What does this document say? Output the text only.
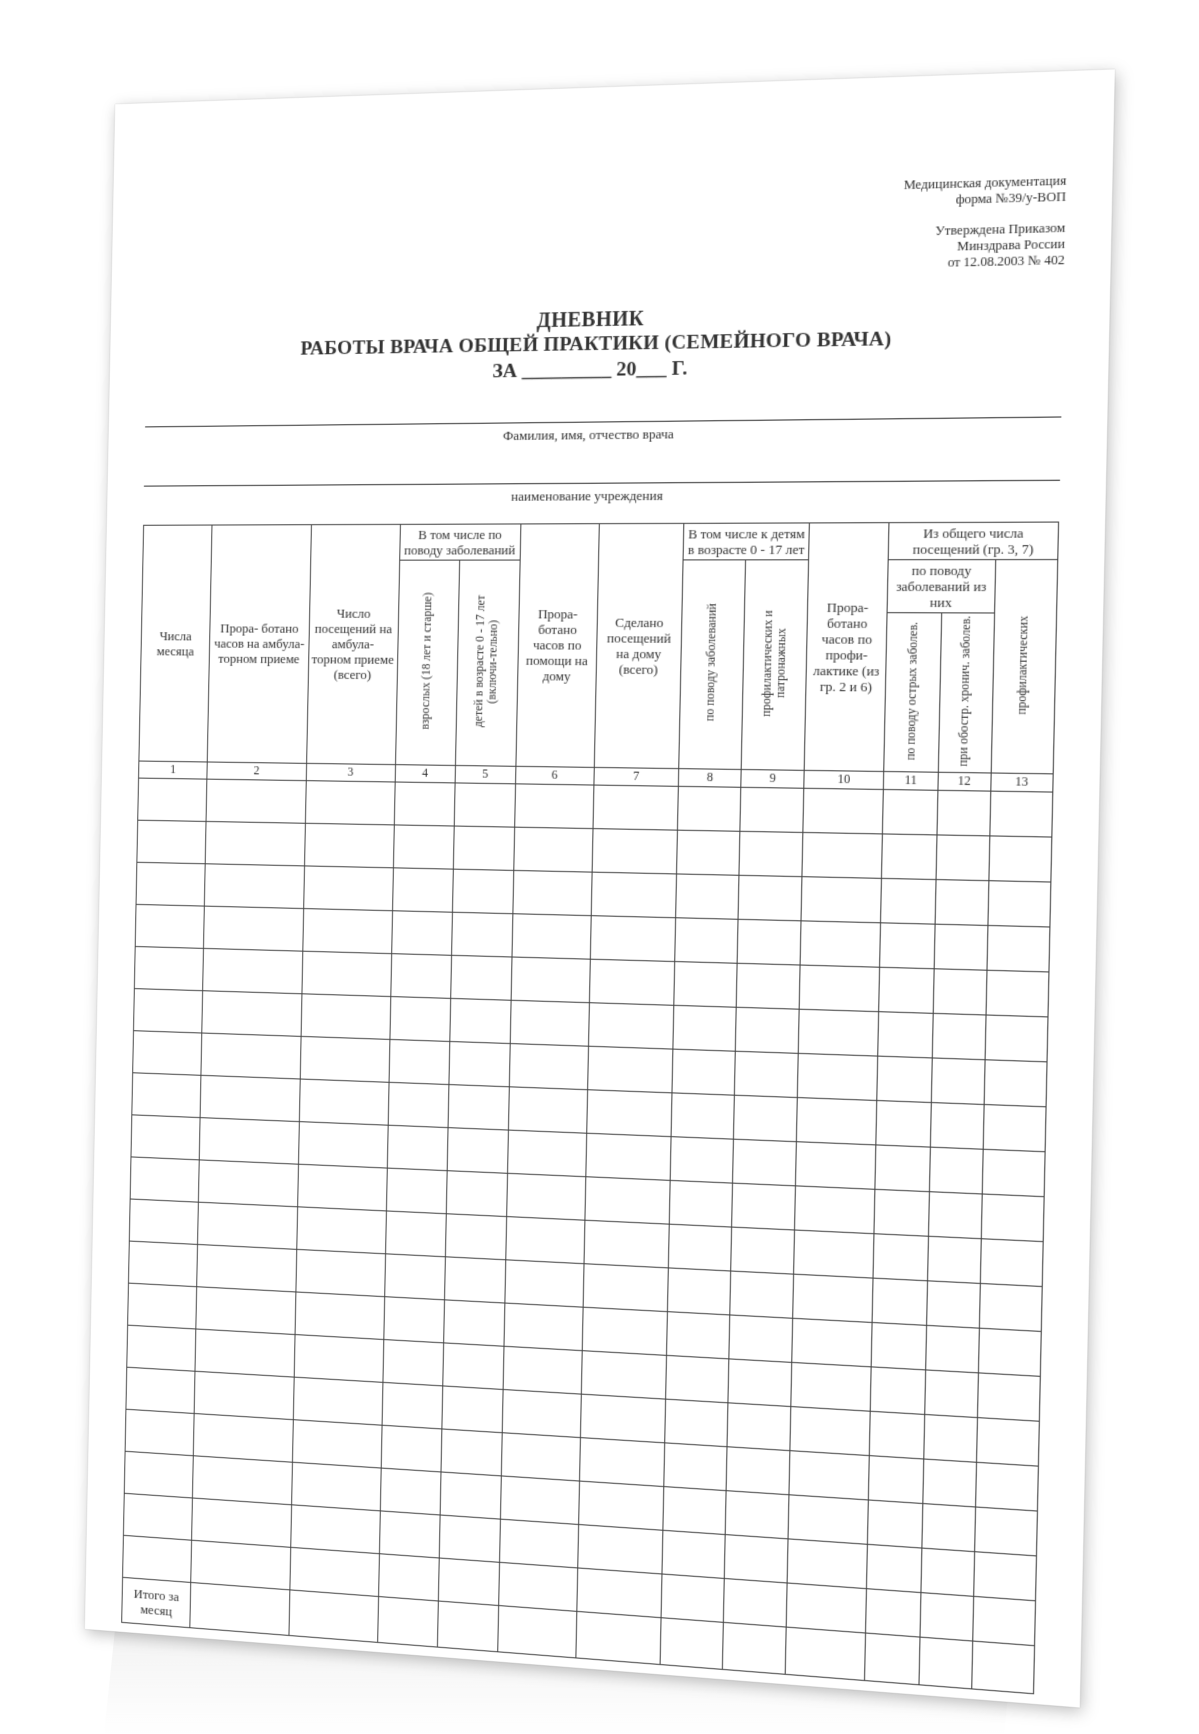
Медицинская документация
форма №39/у-ВОП
Утверждена Приказом
Минздрава России
от 12.08.2003 № 402
ДНЕВНИК
РАБОТЫ ВРАЧА ОБЩЕЙ ПРАКТИКИ (СЕМЕЙНОГО ВРАЧА)
ЗА _________ 20___ Г.
Фамилия, имя, отчество врача
наименование учреждения
Числа месяца	Прора- ботано часов на амбула- торном приеме	Число посещений на амбула- торном приеме (всего)	В том числе по поводу заболеваний		Прора- ботано часов по помощи на дому	Сделано посещений на дому (всего)	В том числе к детям в возрасте 0 - 17 лет		Прора- ботано часов по профи- лактике (из гр. 2 и 6)	Из общего числа посещений (гр. 3, 7)		
			взрослых (18 лет и старше)	детей в возрасте 0 - 17 лет (включи-тельно)			по поводу заболеваний	профилактических и патронажных		по поводу заболеваний из них		профилактических
										по поводу острых заболев.	при обостр. хронич. заболев.	
1	2	3	4	5	6	7	8	9	10	11	12	13

Итого за месяц												
